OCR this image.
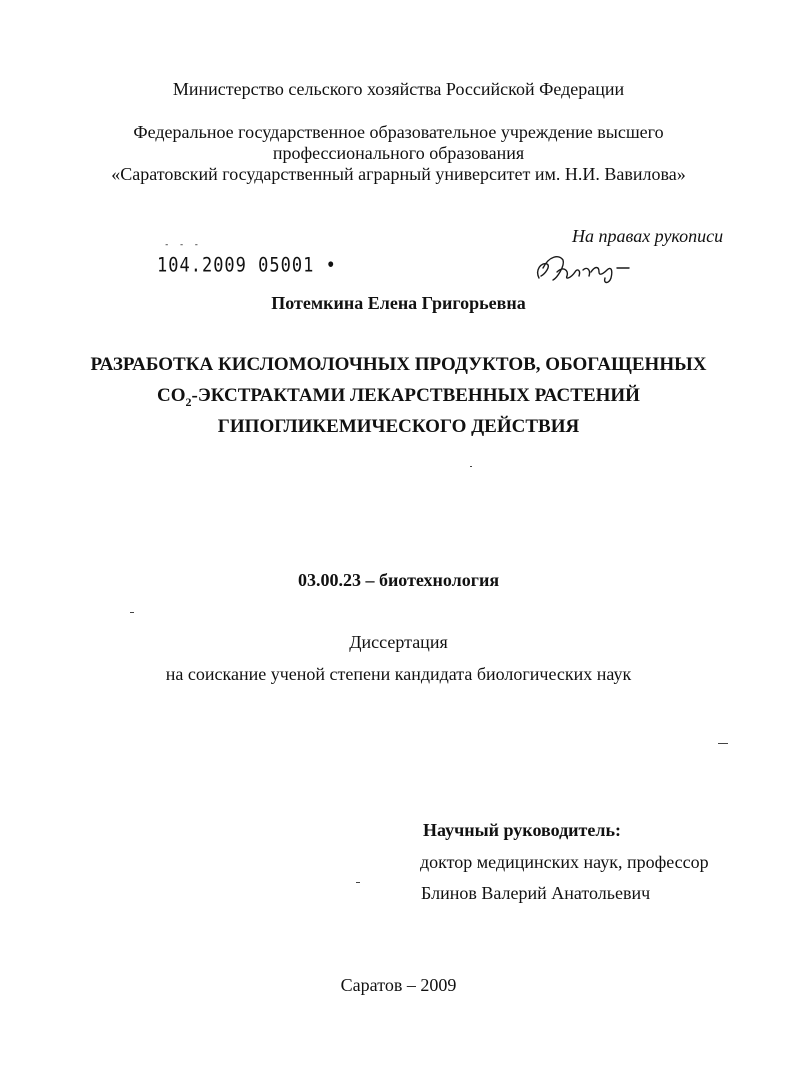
Министерство сельского хозяйства Российской Федерации
Федеральное государственное образовательное учреждение высшего
профессионального образования
«Саратовский государственный аграрный университет им. Н.И. Вавилова»
На правах рукописи
- - -
104.2009 05001 •
Потемкина Елена Григорьевна
РАЗРАБОТКА КИСЛОМОЛОЧНЫХ ПРОДУКТОВ, ОБОГАЩЕННЫХ
$CO_2$-ЭКСТРАКТАМИ ЛЕКАРСТВЕННЫХ РАСТЕНИЙ
ГИПОГЛИКЕМИЧЕСКОГО ДЕЙСТВИЯ
03.00.23 – биотехнология
Диссертация
на соискание ученой степени кандидата биологических наук
Научный руководитель:
доктор медицинских наук, профессор
Блинов Валерий Анатольевич
Саратов – 2009
